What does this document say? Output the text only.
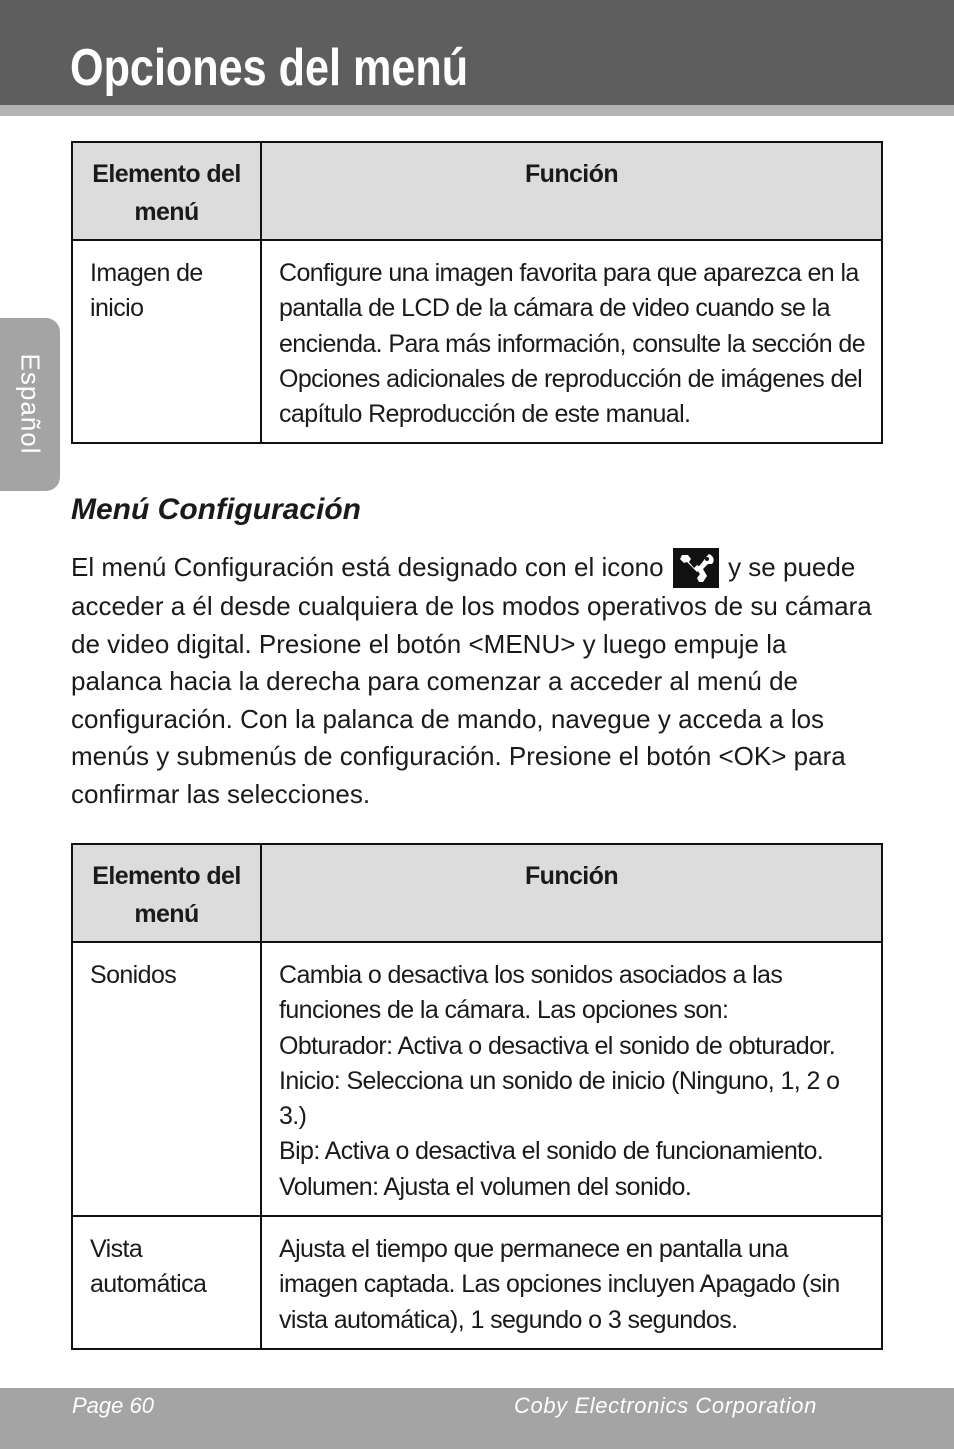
Opciones del menú
Español
Elemento del menú	Función
Imagen de inicio	Configure una imagen favorita para que aparezca en la pantalla de LCD de la cámara de video cuando se la encienda. Para más información, consulte la sección de Opciones adicionales de reproducción de imágenes del capítulo Reproducción de este manual.
Menú Configuración

El menú Configuración está designado con el icono y se puede acceder a él desde cualquiera de los modos operativos de su cámara de video digital. Presione el botón <MENU> y luego empuje la palanca hacia la derecha para comenzar a acceder al menú de configuración. Con la palanca de mando, navegue y acceda a los menús y submenús de configuración. Presione el botón <OK> para confirmar las selecciones.

Elemento del menú	Función
Sonidos	Cambia o desactiva los sonidos asociados a las funciones de la cámara. Las opciones son:
Obturador: Activa o desactiva el sonido de obturador.
Inicio: Selecciona un sonido de inicio (Ninguno, 1, 2 o 3.)
Bip: Activa o desactiva el sonido de funcionamiento.
Volumen: Ajusta el volumen del sonido.

Vista automática	Ajusta el tiempo que permanece en pantalla una imagen captada. Las opciones incluyen Apagado (sin vista automática), 1 segundo o 3 segundos.
Page 60	Coby Electronics Corporation
